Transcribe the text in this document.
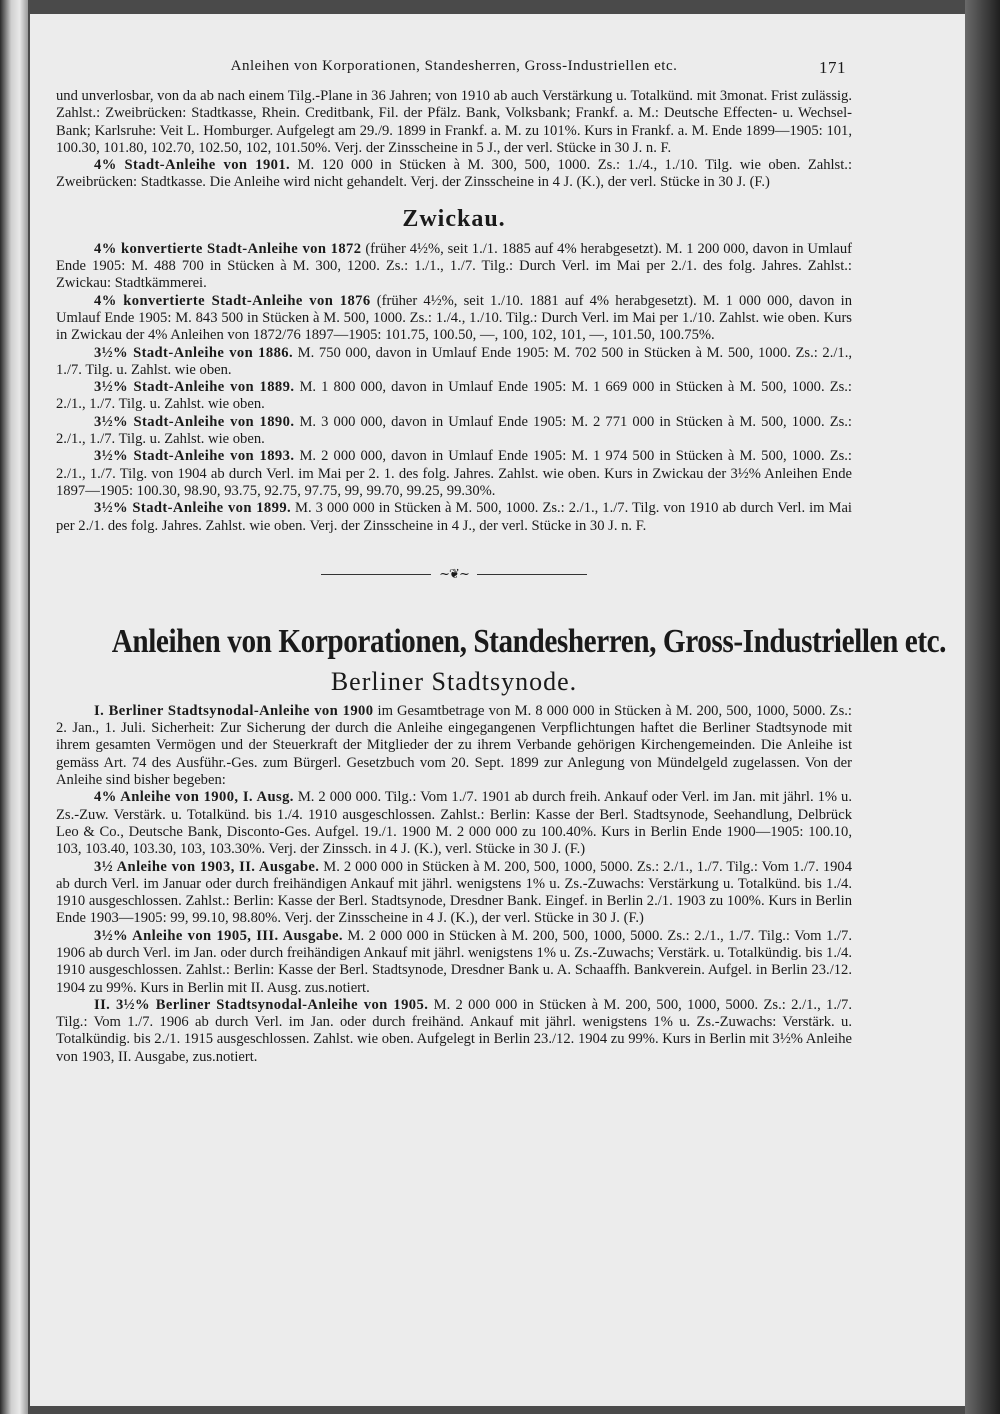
Anleihen von Korporationen, Standesherren, Gross-Industriellen etc.	171

und unverlosbar, von da ab nach einem Tilg.-Plane in 36 Jahren; von 1910 ab auch Verstärkung u. Totalkünd. mit 3monat. Frist zulässig. Zahlst.: Zweibrücken: Stadtkasse, Rhein. Creditbank, Fil. der Pfälz. Bank, Volksbank; Frankf. a. M.: Deutsche Effecten- u. Wechsel-Bank; Karlsruhe: Veit L. Homburger. Aufgelegt am 29./9. 1899 in Frankf. a. M. zu 101%. Kurs in Frankf. a. M. Ende 1899—1905: 101, 100.30, 101.80, 102.70, 102.50, 102, 101.50%. Verj. der Zinsscheine in 5 J., der verl. Stücke in 30 J. n. F.

4% Stadt-Anleihe von 1901. M. 120 000 in Stücken à M. 300, 500, 1000. Zs.: 1./4., 1./10. Tilg. wie oben. Zahlst.: Zweibrücken: Stadtkasse. Die Anleihe wird nicht gehandelt. Verj. der Zinsscheine in 4 J. (K.), der verl. Stücke in 30 J. (F.)

Zwickau.

4% konvertierte Stadt-Anleihe von 1872 (früher 4½%, seit 1./1. 1885 auf 4% herabgesetzt). M. 1 200 000, davon in Umlauf Ende 1905: M. 488 700 in Stücken à M. 300, 1200. Zs.: 1./1., 1./7. Tilg.: Durch Verl. im Mai per 2./1. des folg. Jahres. Zahlst.: Zwickau: Stadtkämmerei.

4% konvertierte Stadt-Anleihe von 1876 (früher 4½%, seit 1./10. 1881 auf 4% herabgesetzt). M. 1 000 000, davon in Umlauf Ende 1905: M. 843 500 in Stücken à M. 500, 1000. Zs.: 1./4., 1./10. Tilg.: Durch Verl. im Mai per 1./10. Zahlst. wie oben. Kurs in Zwickau der 4% Anleihen von 1872/76 1897—1905: 101.75, 100.50, —, 100, 102, 101, —, 101.50, 100.75%.

3½% Stadt-Anleihe von 1886. M. 750 000, davon in Umlauf Ende 1905: M. 702 500 in Stücken à M. 500, 1000. Zs.: 2./1., 1./7. Tilg. u. Zahlst. wie oben.

3½% Stadt-Anleihe von 1889. M. 1 800 000, davon in Umlauf Ende 1905: M. 1 669 000 in Stücken à M. 500, 1000. Zs.: 2./1., 1./7. Tilg. u. Zahlst. wie oben.

3½% Stadt-Anleihe von 1890. M. 3 000 000, davon in Umlauf Ende 1905: M. 2 771 000 in Stücken à M. 500, 1000. Zs.: 2./1., 1./7. Tilg. u. Zahlst. wie oben.

3½% Stadt-Anleihe von 1893. M. 2 000 000, davon in Umlauf Ende 1905: M. 1 974 500 in Stücken à M. 500, 1000. Zs.: 2./1., 1./7. Tilg. von 1904 ab durch Verl. im Mai per 2. 1. des folg. Jahres. Zahlst. wie oben. Kurs in Zwickau der 3½% Anleihen Ende 1897—1905: 100.30, 98.90, 93.75, 92.75, 97.75, 99, 99.70, 99.25, 99.30%.

3½% Stadt-Anleihe von 1899. M. 3 000 000 in Stücken à M. 500, 1000. Zs.: 2./1., 1./7. Tilg. von 1910 ab durch Verl. im Mai per 2./1. des folg. Jahres. Zahlst. wie oben. Verj. der Zinsscheine in 4 J., der verl. Stücke in 30 J. n. F.

~❦~
Anleihen von Korporationen, Standesherren, Gross-Industriellen etc.
Berliner Stadtsynode.

I. Berliner Stadtsynodal-Anleihe von 1900 im Gesamtbetrage von M. 8 000 000 in Stücken à M. 200, 500, 1000, 5000. Zs.: 2. Jan., 1. Juli. Sicherheit: Zur Sicherung der durch die Anleihe eingegangenen Verpflichtungen haftet die Berliner Stadtsynode mit ihrem gesamten Vermögen und der Steuerkraft der Mitglieder der zu ihrem Verbande gehörigen Kirchengemeinden. Die Anleihe ist gemäss Art. 74 des Ausführ.-Ges. zum Bürgerl. Gesetzbuch vom 20. Sept. 1899 zur Anlegung von Mündelgeld zugelassen. Von der Anleihe sind bisher begeben:

4% Anleihe von 1900, I. Ausg. M. 2 000 000. Tilg.: Vom 1./7. 1901 ab durch freih. Ankauf oder Verl. im Jan. mit jährl. 1% u. Zs.-Zuw. Verstärk. u. Totalkünd. bis 1./4. 1910 ausgeschlossen. Zahlst.: Berlin: Kasse der Berl. Stadtsynode, Seehandlung, Delbrück Leo & Co., Deutsche Bank, Disconto-Ges. Aufgel. 19./1. 1900 M. 2 000 000 zu 100.40%. Kurs in Berlin Ende 1900—1905: 100.10, 103, 103.40, 103.30, 103, 103.30%. Verj. der Zinssch. in 4 J. (K.), verl. Stücke in 30 J. (F.)

3½ Anleihe von 1903, II. Ausgabe. M. 2 000 000 in Stücken à M. 200, 500, 1000, 5000. Zs.: 2./1., 1./7. Tilg.: Vom 1./7. 1904 ab durch Verl. im Januar oder durch freihändigen Ankauf mit jährl. wenigstens 1% u. Zs.-Zuwachs: Verstärkung u. Totalkünd. bis 1./4. 1910 ausgeschlossen. Zahlst.: Berlin: Kasse der Berl. Stadtsynode, Dresdner Bank. Eingef. in Berlin 2./1. 1903 zu 100%. Kurs in Berlin Ende 1903—1905: 99, 99.10, 98.80%. Verj. der Zinsscheine in 4 J. (K.), der verl. Stücke in 30 J. (F.)

3½% Anleihe von 1905, III. Ausgabe. M. 2 000 000 in Stücken à M. 200, 500, 1000, 5000. Zs.: 2./1., 1./7. Tilg.: Vom 1./7. 1906 ab durch Verl. im Jan. oder durch freihändigen Ankauf mit jährl. wenigstens 1% u. Zs.-Zuwachs; Verstärk. u. Totalkündig. bis 1./4. 1910 ausgeschlossen. Zahlst.: Berlin: Kasse der Berl. Stadtsynode, Dresdner Bank u. A. Schaaffh. Bankverein. Aufgel. in Berlin 23./12. 1904 zu 99%. Kurs in Berlin mit II. Ausg. zus.notiert.

II. 3½% Berliner Stadtsynodal-Anleihe von 1905. M. 2 000 000 in Stücken à M. 200, 500, 1000, 5000. Zs.: 2./1., 1./7. Tilg.: Vom 1./7. 1906 ab durch Verl. im Jan. oder durch freihänd. Ankauf mit jährl. wenigstens 1% u. Zs.-Zuwachs: Verstärk. u. Totalkündig. bis 2./1. 1915 ausgeschlossen. Zahlst. wie oben. Aufgelegt in Berlin 23./12. 1904 zu 99%. Kurs in Berlin mit 3½% Anleihe von 1903, II. Ausgabe, zus.notiert.
